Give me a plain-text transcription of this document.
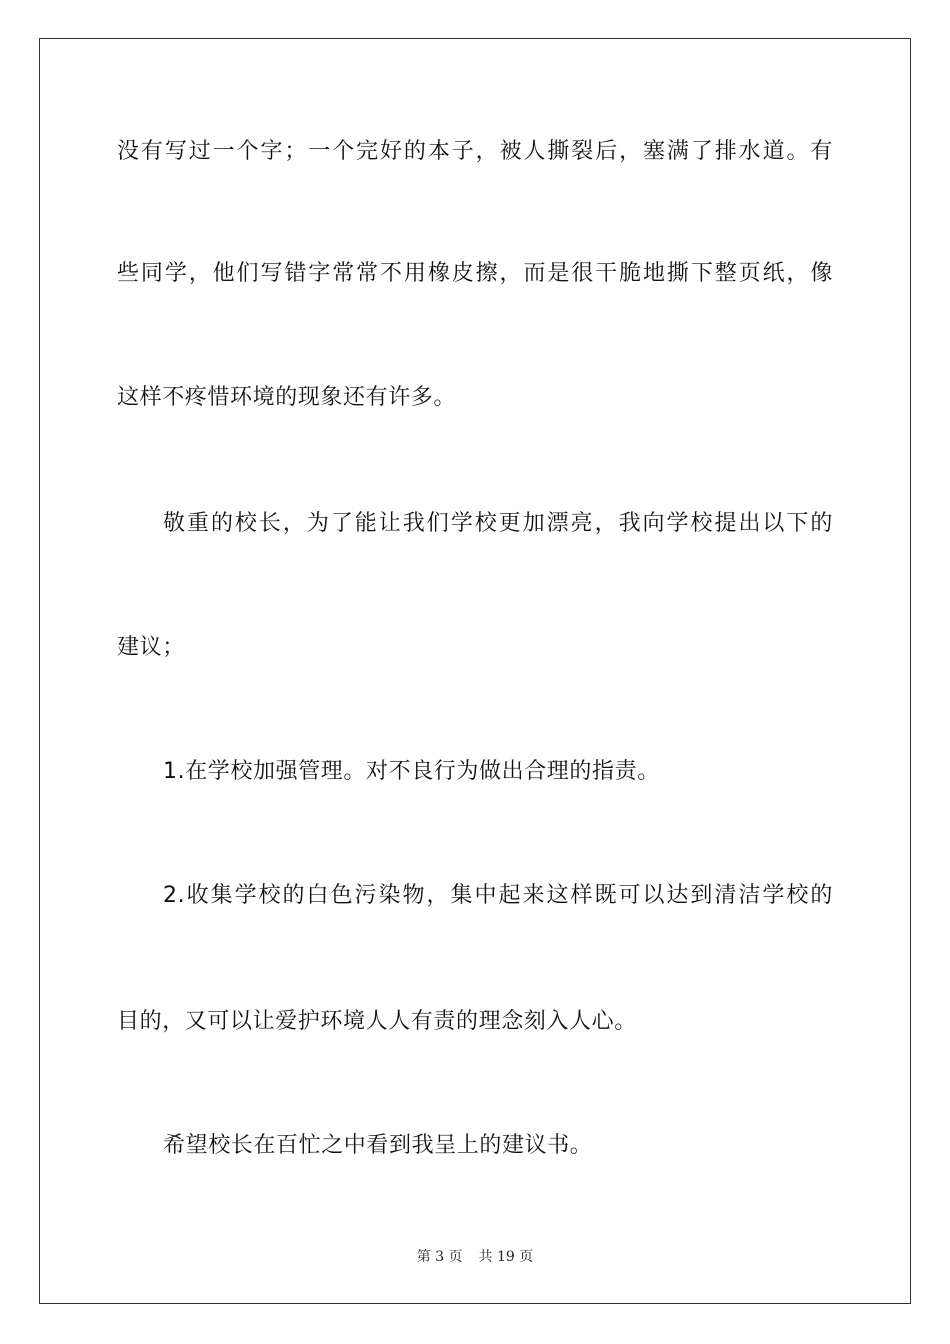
没有写过一个字；一个完好的本子，被人撕裂后，塞满了排水道。有
些同学，他们写错字常常不用橡皮擦，而是很干脆地撕下整页纸，像
这样不疼惜环境的现象还有许多。
敬重的校长，为了能让我们学校更加漂亮，我向学校提出以下的
建议；
1.在学校加强管理。对不良行为做出合理的指责。
2.收集学校的白色污染物，集中起来这样既可以达到清洁学校的
目的，又可以让爱护环境人人有责的理念刻入人心。
希望校长在百忙之中看到我呈上的建议书。
第 3 页 共 19 页
